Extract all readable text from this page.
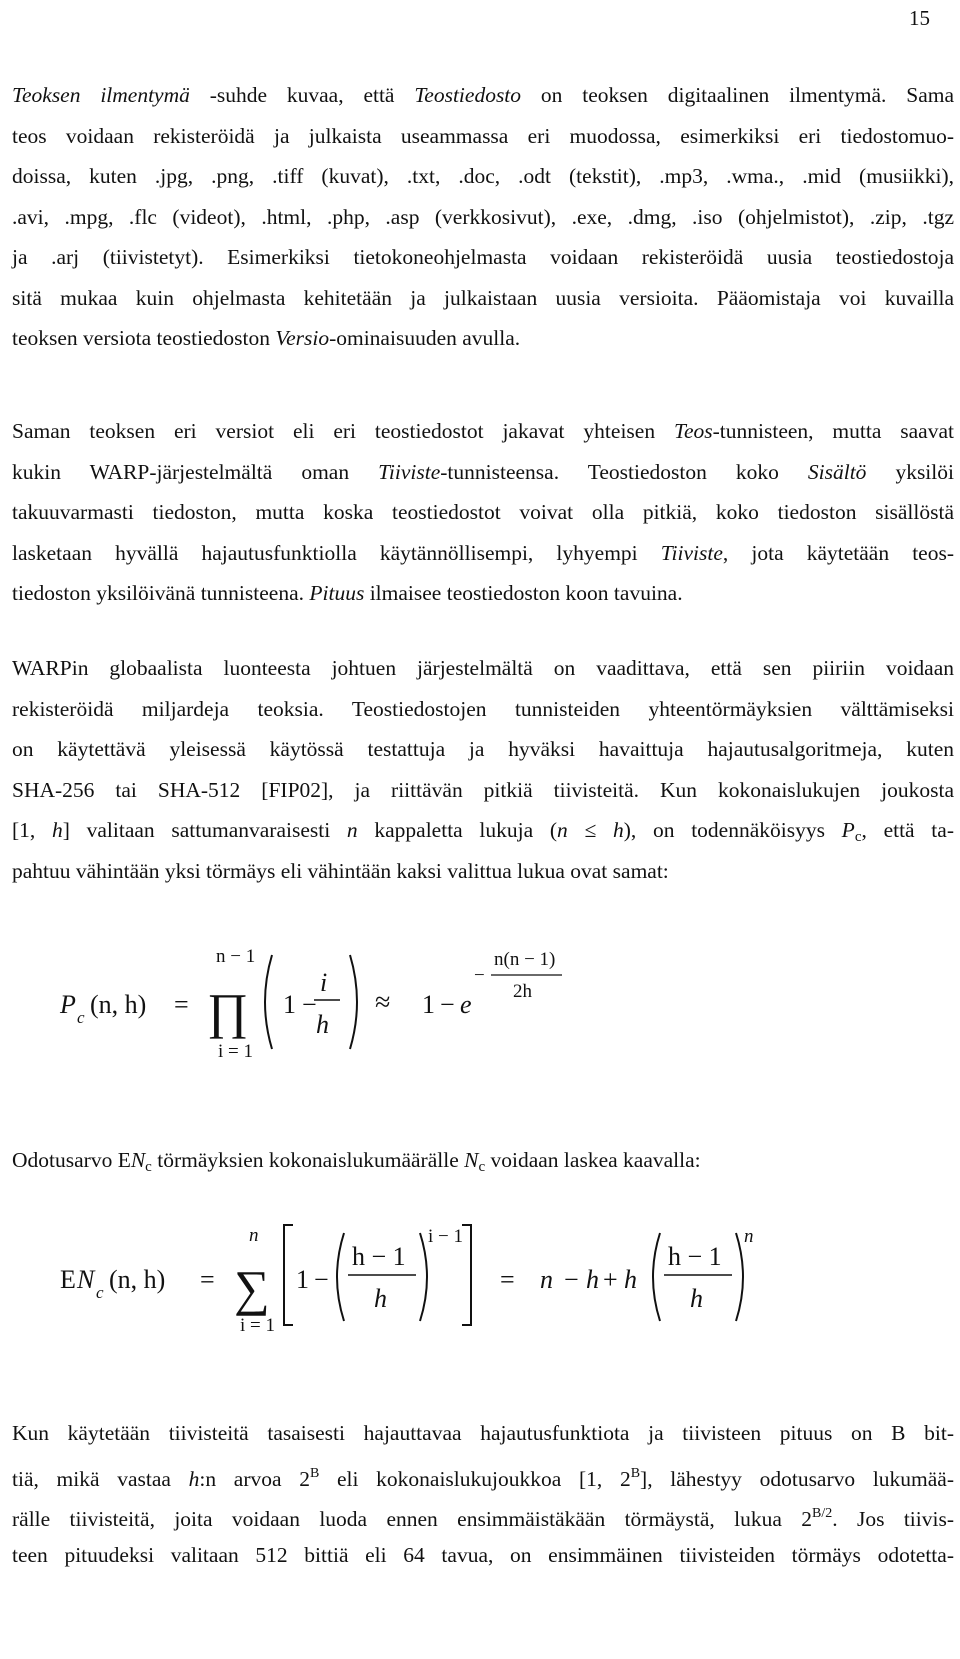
15
Teoksen ilmentymä -suhde kuvaa, että Teostiedosto on teoksen digitaalinen ilmentymä. Sama
teos voidaan rekisteröidä ja julkaista useammassa eri muodossa, esimerkiksi eri tiedostomuo-
doissa, kuten .jpg, .png, .tiff (kuvat), .txt, .doc, .odt (tekstit), .mp3, .wma., .mid (musiikki),
.avi, .mpg, .flc (videot), .html, .php, .asp (verkkosivut), .exe, .dmg, .iso (ohjelmistot), .zip, .tgz
ja .arj (tiivistetyt). Esimerkiksi tietokoneohjelmasta voidaan rekisteröidä uusia teostiedostoja
sitä mukaa kuin ohjelmasta kehitetään ja julkaistaan uusia versioita. Pääomistaja voi kuvailla
teoksen versiota teostiedoston Versio-ominaisuuden avulla.
Saman teoksen eri versiot eli eri teostiedostot jakavat yhteisen Teos-tunnisteen, mutta saavat
kukin WARP-järjestelmältä oman Tiiviste-tunnisteensa. Teostiedoston koko Sisältö yksilöi
takuuvarmasti tiedoston, mutta koska teostiedostot voivat olla pitkiä, koko tiedoston sisällöstä
lasketaan hyvällä hajautusfunktiolla käytännöllisempi, lyhyempi Tiiviste, jota käytetään teos-
tiedoston yksilöivänä tunnisteena. Pituus ilmaisee teostiedoston koon tavuina.
WARPin globaalista luonteesta johtuen järjestelmältä on vaadittava, että sen piiriin voidaan
rekisteröidä miljardeja teoksia. Teostiedostojen tunnisteiden yhteentörmäyksien välttämiseksi
on käytettävä yleisessä käytössä testattuja ja hyväksi havaittuja hajautusalgoritmeja, kuten
SHA-256 tai SHA-512 [FIP02], ja riittävän pitkiä tiivisteitä. Kun kokonaislukujen joukosta
[1, h] valitaan sattumanvaraisesti n kappaletta lukuja (n ≤ h), on todennäköisyys $P_c$, että ta-
pahtuu vähintään yksi törmäys eli vähintään kaksi valittua lukua ovat samat:
P c (n, h) =
n − 1
∏
i = 1
1 −
i
h
≈ 1 − e
−
n(n − 1)
2h
Odotusarvo $EN_c$ törmäyksien kokonaislukumäärälle $N_c$ voidaan laskea kaavalla:
E N c (n, h) =
n
∑
i = 1
1 −
h − 1
h
i − 1
= n − h + h
h − 1
h
n
Kun käytetään tiivisteitä tasaisesti hajauttavaa hajautusfunktiota ja tiivisteen pituus on B bit-
tiä, mikä vastaa h:n arvoa $2^B$ eli kokonaislukujoukkoa [1, $2^B$], lähestyy odotusarvo lukumää-
rälle tiivisteitä, joita voidaan luoda ennen ensimmäistäkään törmäystä, lukua $2^{B/2}$. Jos tiivis-
teen pituudeksi valitaan 512 bittiä eli 64 tavua, on ensimmäinen tiivisteiden törmäys odotetta-
